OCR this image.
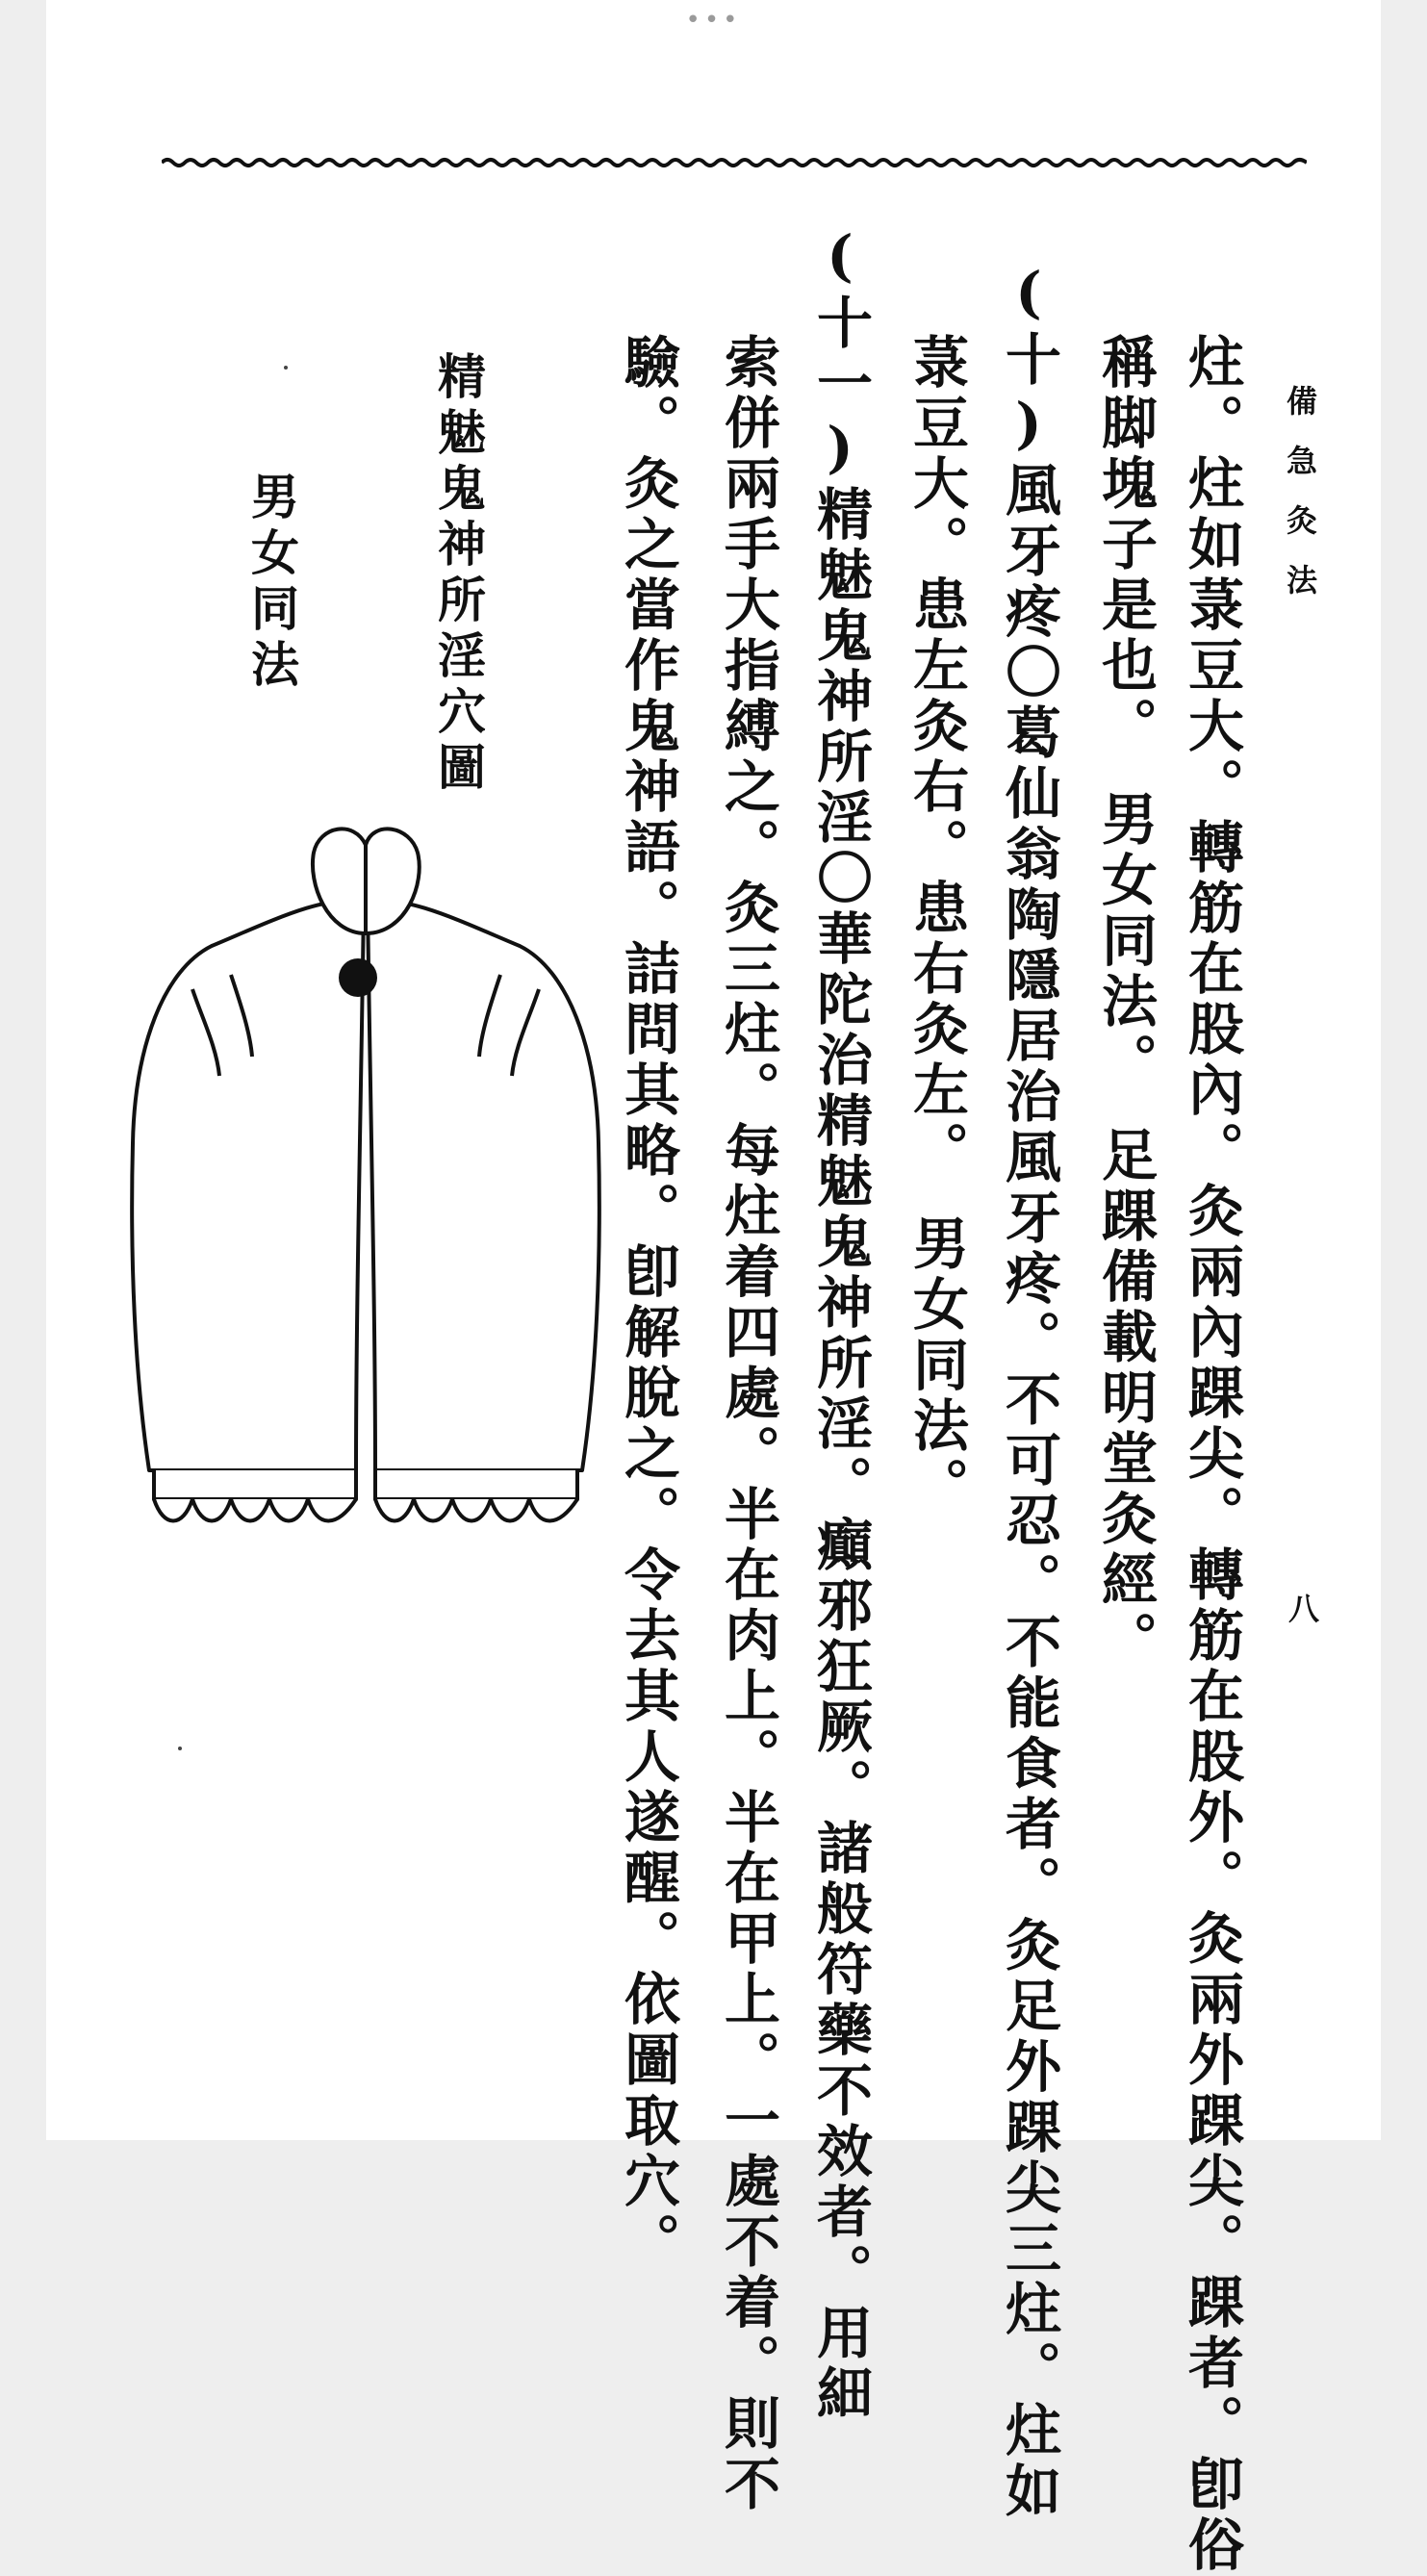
•••

備急灸法

八

炷。炷如菉豆大。轉筋在股內。灸兩內踝尖。轉筋在股外。灸兩外踝尖。踝者。卽俗

稱脚塊子是也。　男女同法。　足踝備載明堂灸經。

(十)風牙疼〇葛仙翁陶隱居治風牙疼。不可忍。不能食者。灸足外踝尖三炷。炷如

菉豆大。患左灸右。患右灸左。　男女同法。

(十一)精魅鬼神所淫〇華陀治精魅鬼神所淫。癲邪狂厥。諸般符藥不效者。用細

索併兩手大指縛之。灸三炷。每炷着四處。半在肉上。半在甲上。一處不着。則不

驗。灸之當作鬼神語。詰問其略。卽解脫之。令去其人遂醒。依圖取穴。

精魅鬼神所淫穴圖

男女同法
